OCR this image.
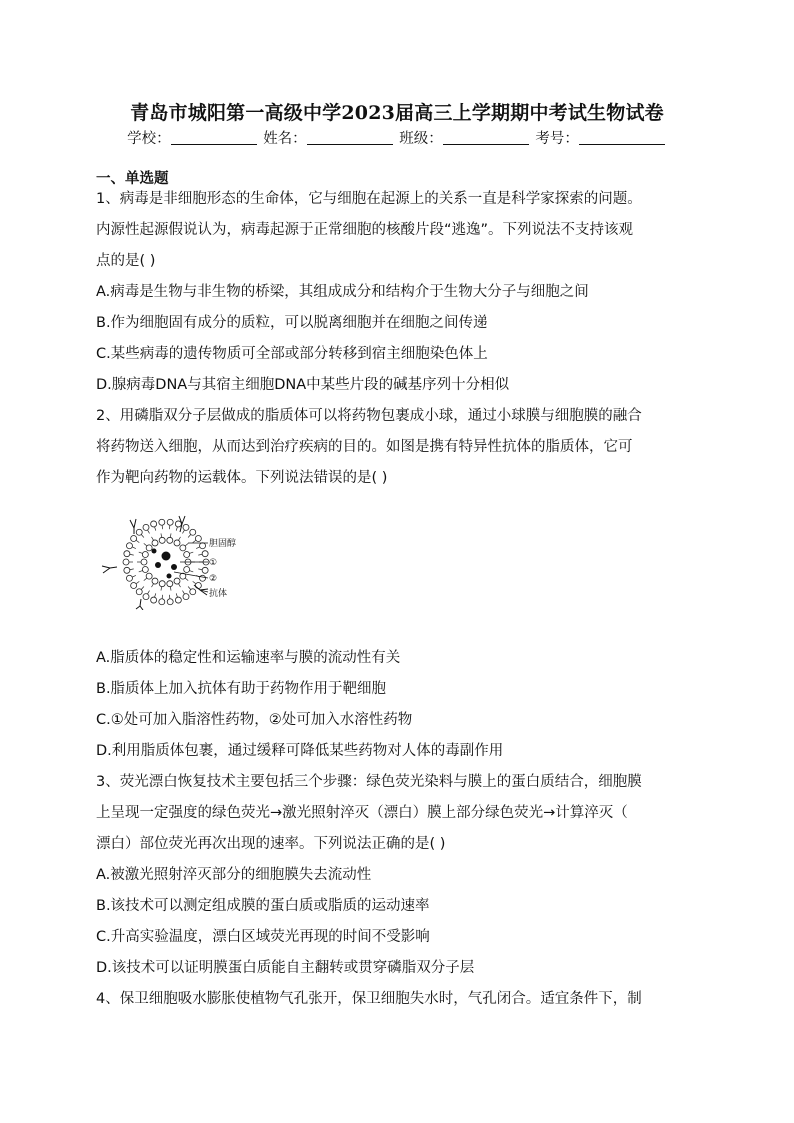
青岛市城阳第一高级中学2023届高三上学期期中考试生物试卷
学校：	姓名：	班级：	考号：
一、单选题
1、病毒是非细胞形态的生命体，它与细胞在起源上的关系一直是科学家探索的问题。
内源性起源假说认为，病毒起源于正常细胞的核酸片段“逃逸”。下列说法不支持该观
点的是( )
A.病毒是生物与非生物的桥梁，其组成成分和结构介于生物大分子与细胞之间
B.作为细胞固有成分的质粒，可以脱离细胞并在细胞之间传递
C.某些病毒的遗传物质可全部或部分转移到宿主细胞染色体上
D.腺病毒DNA与其宿主细胞DNA中某些片段的碱基序列十分相似
2、用磷脂双分子层做成的脂质体可以将药物包裹成小球，通过小球膜与细胞膜的融合
将药物送入细胞，从而达到治疗疾病的目的。如图是携有特异性抗体的脂质体，它可
作为靶向药物的运载体。下列说法错误的是( )
胆固醇
①
②
抗体
A.脂质体的稳定性和运输速率与膜的流动性有关
B.脂质体上加入抗体有助于药物作用于靶细胞
C.①处可加入脂溶性药物，②处可加入水溶性药物
D.利用脂质体包裹，通过缓释可降低某些药物对人体的毒副作用
3、荧光漂白恢复技术主要包括三个步骤：绿色荧光染料与膜上的蛋白质结合，细胞膜
上呈现一定强度的绿色荧光→激光照射淬灭（漂白）膜上部分绿色荧光→计算淬灭（
漂白）部位荧光再次出现的速率。下列说法正确的是( )
A.被激光照射淬灭部分的细胞膜失去流动性
B.该技术可以测定组成膜的蛋白质或脂质的运动速率
C.升高实验温度，漂白区域荧光再现的时间不受影响
D.该技术可以证明膜蛋白质能自主翻转或贯穿磷脂双分子层
4、保卫细胞吸水膨胀使植物气孔张开，保卫细胞失水时，气孔闭合。适宜条件下，制
